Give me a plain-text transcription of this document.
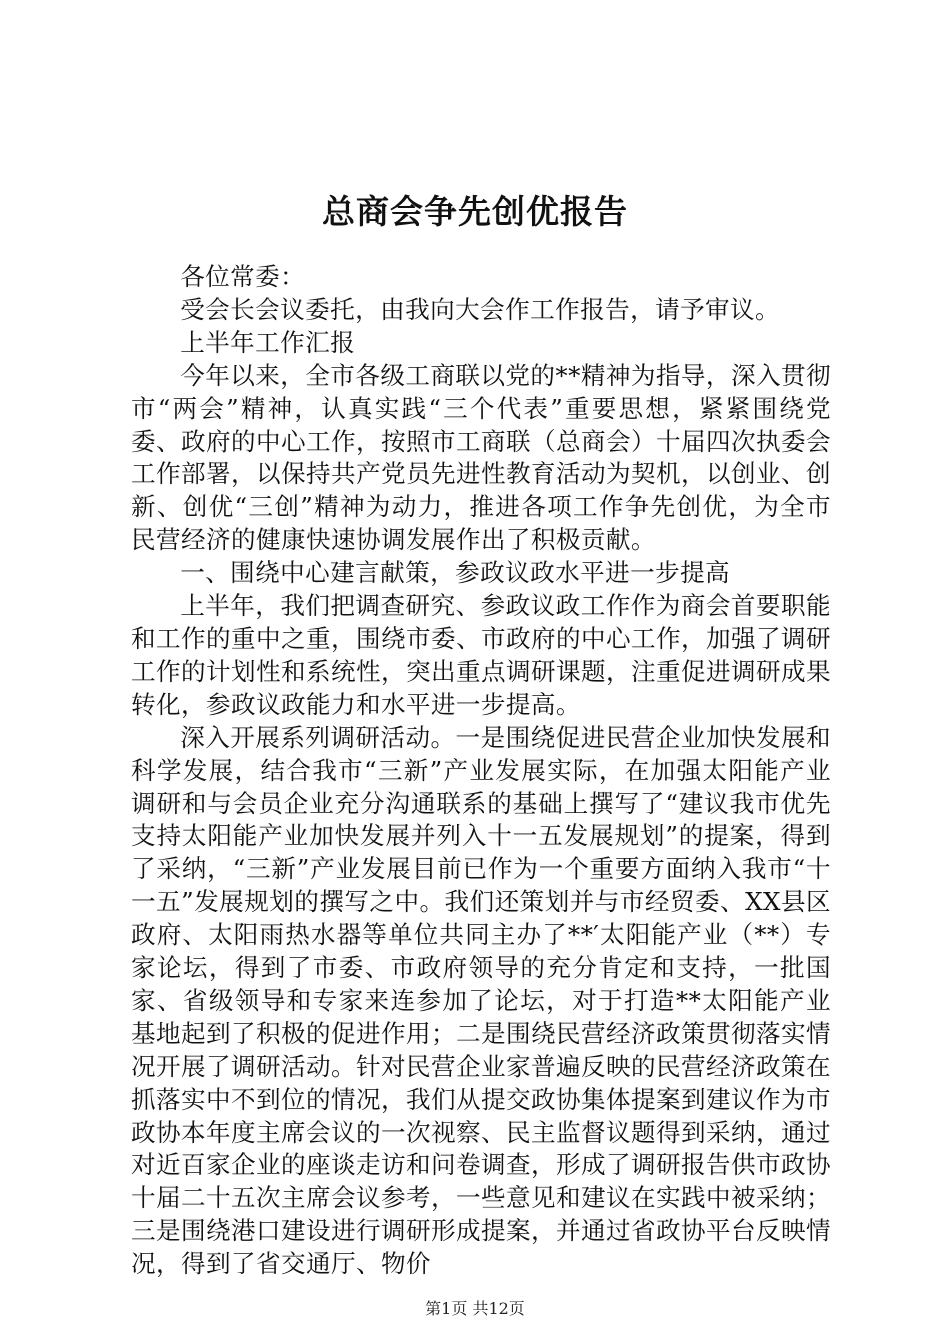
总商会争先创优报告

各位常委：

受会长会议委托，由我向大会作工作报告，请予审议。

上半年工作汇报

今年以来，全市各级工商联以党的**精神为指导，深入贯彻市“两会”精神，认真实践“三个代表”重要思想，紧紧围绕党委、政府的中心工作，按照市工商联（总商会）十届四次执委会工作部署，以保持共产党员先进性教育活动为契机，以创业、创新、创优“三创”精神为动力，推进各项工作争先创优，为全市民营经济的健康快速协调发展作出了积极贡献。

一、围绕中心建言献策，参政议政水平进一步提高

上半年，我们把调查研究、参政议政工作作为商会首要职能和工作的重中之重，围绕市委、市政府的中心工作，加强了调研工作的计划性和系统性，突出重点调研课题，注重促进调研成果转化，参政议政能力和水平进一步提高。

深入开展系列调研活动。一是围绕促进民营企业加快发展和科学发展，结合我市“三新”产业发展实际，在加强太阳能产业调研和与会员企业充分沟通联系的基础上撰写了“建议我市优先支持太阳能产业加快发展并列入十一五发展规划”的提案，得到了采纳，“三新”产业发展目前已作为一个重要方面纳入我市“十一五”发展规划的撰写之中。我们还策划并与市经贸委、XX县区政府、太阳雨热水器等单位共同主办了**′太阳能产业（**）专家论坛，得到了市委、市政府领导的充分肯定和支持，一批国家、省级领导和专家来连参加了论坛，对于打造**太阳能产业基地起到了积极的促进作用；二是围绕民营经济政策贯彻落实情况开展了调研活动。针对民营企业家普遍反映的民营经济政策在抓落实中不到位的情况，我们从提交政协集体提案到建议作为市政协本年度主席会议的一次视察、民主监督议题得到采纳，通过对近百家企业的座谈走访和问卷调查，形成了调研报告供市政协十届二十五次主席会议参考，一些意见和建议在实践中被采纳；三是围绕港口建设进行调研形成提案，并通过省政协平台反映情况，得到了省交通厅、物价

第1页 共12页
